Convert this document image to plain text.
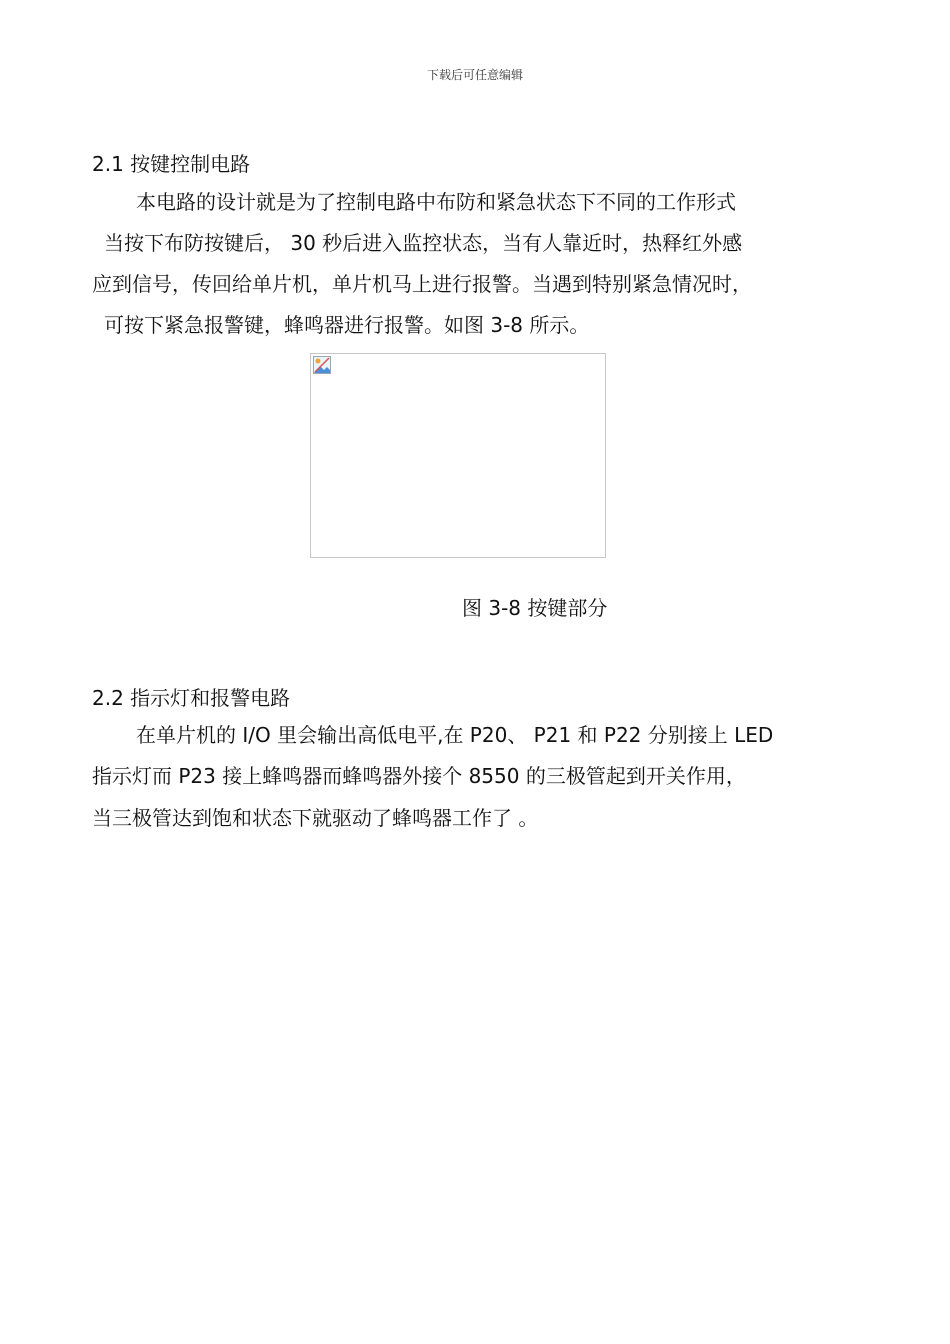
下载后可任意编辑
2.1 按键控制电路
本电路的设计就是为了控制电路中布防和紧急状态下不同的工作形式
当按下布防按键后， 30 秒后进入监控状态，当有人靠近时，热释红外感
应到信号，传回给单片机，单片机马上进行报警。当遇到特别紧急情况时，
可按下紧急报警键，蜂鸣器进行报警。如图 3-8 所示。
图 3-8 按键部分
2.2 指示灯和报警电路
在单片机的 I/O 里会输出高低电平,在 P20、 P21 和 P22 分别接上 LED
指示灯而 P23 接上蜂鸣器而蜂鸣器外接个 8550 的三极管起到开关作用，
当三极管达到饱和状态下就驱动了蜂鸣器工作了 。
